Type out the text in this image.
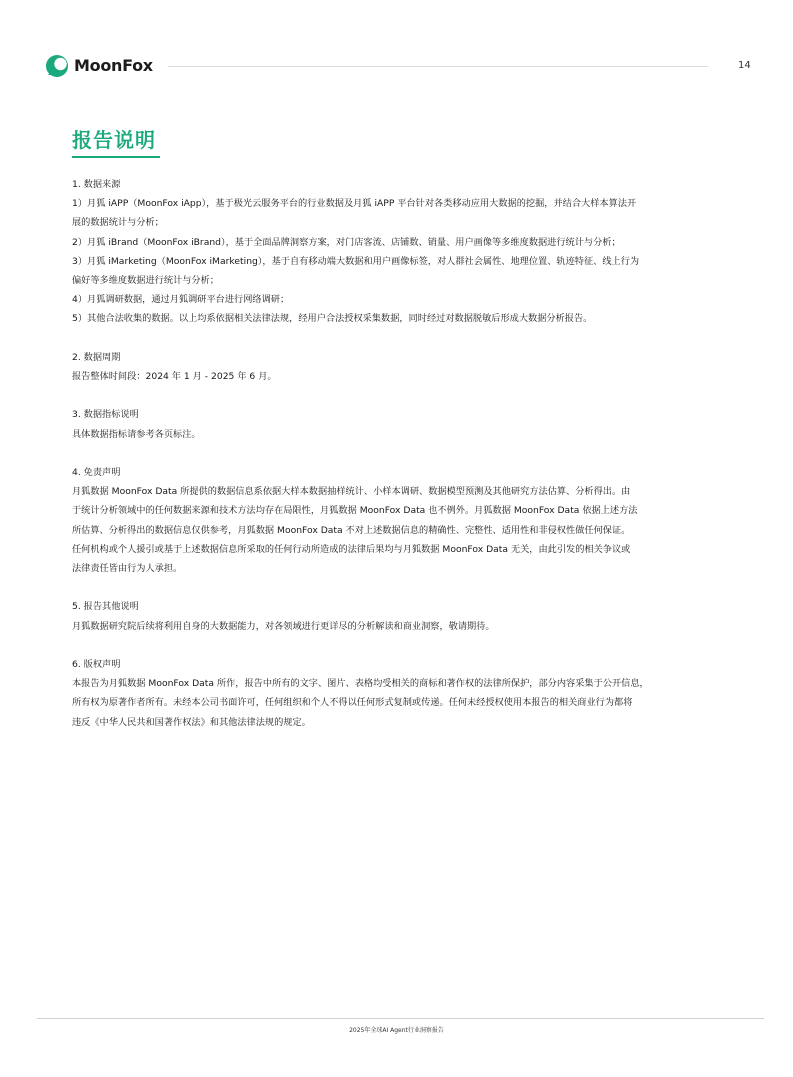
MoonFox	14
报告说明
1. 数据来源
1）月狐 iAPP（MoonFox iApp），基于极光云服务平台的行业数据及月狐 iAPP 平台针对各类移动应用大数据的挖掘，并结合大样本算法开
展的数据统计与分析；
2）月狐 iBrand（MoonFox iBrand），基于全面品牌洞察方案，对门店客流、店铺数、销量、用户画像等多维度数据进行统计与分析；
3）月狐 iMarketing（MoonFox iMarketing），基于自有移动端大数据和用户画像标签，对人群社会属性、地理位置、轨迹特征、线上行为
偏好等多维度数据进行统计与分析；
4）月狐调研数据，通过月狐调研平台进行网络调研；
5）其他合法收集的数据。以上均系依据相关法律法规，经用户合法授权采集数据，同时经过对数据脱敏后形成大数据分析报告。
2. 数据周期
报告整体时间段：2024 年 1 月 - 2025 年 6 月。
3. 数据指标说明
具体数据指标请参考各页标注。
4. 免责声明
月狐数据 MoonFox Data 所提供的数据信息系依据大样本数据抽样统计、小样本调研、数据模型预测及其他研究方法估算、分析得出。由
于统计分析领域中的任何数据来源和技术方法均存在局限性，月狐数据 MoonFox Data 也不例外。月狐数据 MoonFox Data 依据上述方法
所估算、分析得出的数据信息仅供参考，月狐数据 MoonFox Data 不对上述数据信息的精确性、完整性、适用性和非侵权性做任何保证。
任何机构或个人援引或基于上述数据信息所采取的任何行动所造成的法律后果均与月狐数据 MoonFox Data 无关，由此引发的相关争议或
法律责任皆由行为人承担。
5. 报告其他说明
月狐数据研究院后续将利用自身的大数据能力，对各领域进行更详尽的分析解读和商业洞察，敬请期待。
6. 版权声明
本报告为月狐数据 MoonFox Data 所作，报告中所有的文字、图片、表格均受相关的商标和著作权的法律所保护，部分内容采集于公开信息，
所有权为原著作者所有。未经本公司书面许可，任何组织和个人不得以任何形式复制或传递。任何未经授权使用本报告的相关商业行为都将
违反《中华人民共和国著作权法》和其他法律法规的规定。
2025年全球AI Agent行业洞察报告
